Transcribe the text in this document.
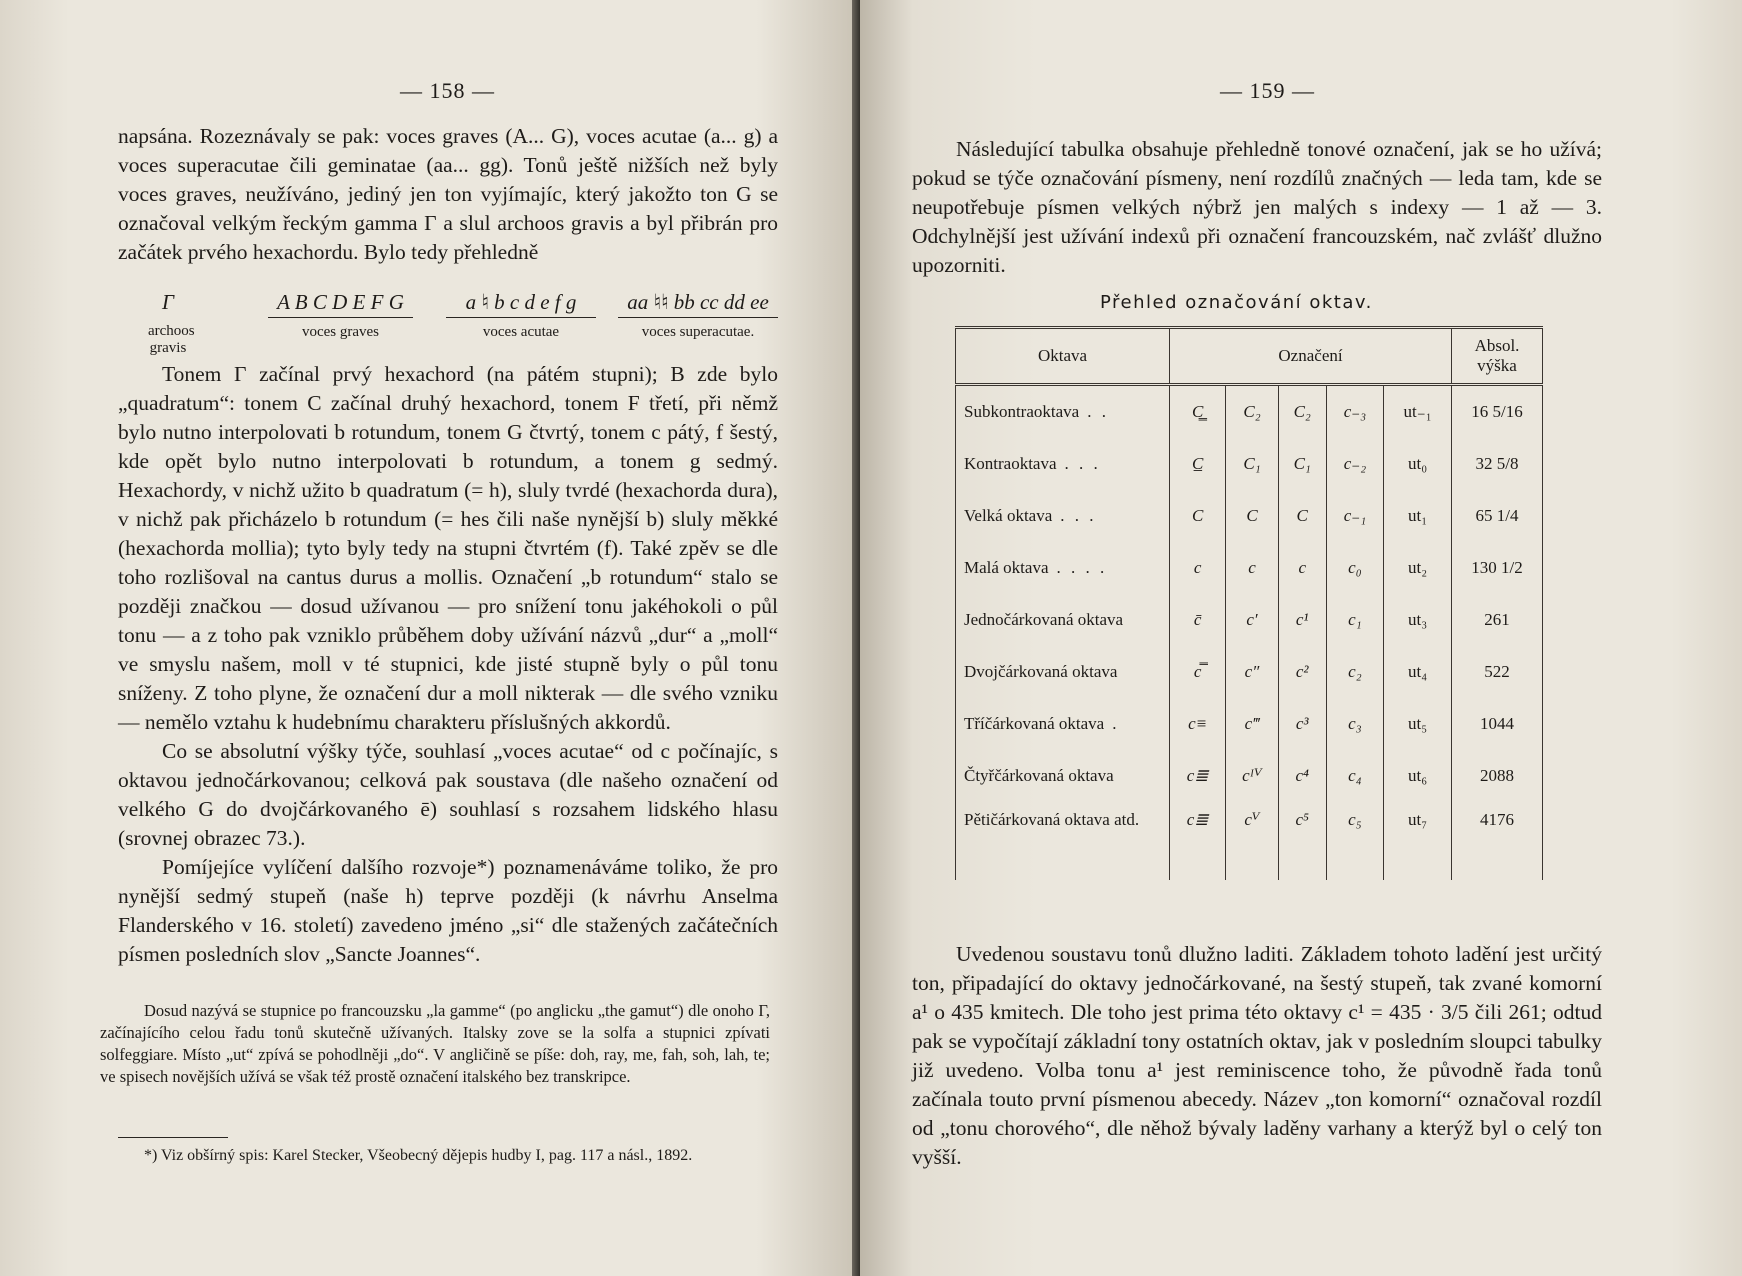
— 158 —

napsána. Rozeznávaly se pak: voces graves (A... G), voces acutae (a... g) a voces superacutae čili geminatae (aa... gg). Tonů ještě nižších než byly voces graves, neužíváno, jediný jen ton vyjímajíc, který jakožto ton G se označoval velkým řeckým gamma Γ a slul archoos gravis a byl přibrán pro začátek prvého hexachordu. Bylo tedy přehledně

Γ
archoos gravis
A B C D E F G
voces graves
a ♮ b c d e f g
voces acutae
aa ♮♮ bb cc dd ee
voces superacutae.

Tonem Γ začínal prvý hexachord (na pátém stupni); B zde bylo „quadratum“: tonem C začínal druhý hexachord, tonem F třetí, při němž bylo nutno interpolovati b rotundum, tonem G čtvrtý, tonem c pátý, f šestý, kde opět bylo nutno interpolovati b rotundum, a tonem g sedmý. Hexachordy, v nichž užito b quadratum (= h), sluly tvrdé (hexachorda dura), v nichž pak přicházelo b rotundum (= hes čili naše nynější b) sluly měkké (hexachorda mollia); tyto byly tedy na stupni čtvrtém (f). Také zpěv se dle toho rozlišoval na cantus durus a mollis. Označení „b rotundum“ stalo se později značkou — dosud užívanou — pro snížení tonu jakéhokoli o půl tonu — a z toho pak vzniklo průběhem doby užívání názvů „dur“ a „moll“ ve smyslu našem, moll v té stupnici, kde jisté stupně byly o půl tonu sníženy. Z toho plyne, že označení dur a moll nikterak — dle svého vzniku — nemělo vztahu k hudebnímu charakteru příslušných akkordů.

Co se absolutní výšky týče, souhlasí „voces acutae“ od c počínajíc, s oktavou jednočárkovanou; celková pak soustava (dle našeho označení od velkého G do dvojčárkovaného ē) souhlasí s rozsahem lidského hlasu (srovnej obrazec 73.).

Pomíjejíce vylíčení dalšího rozvoje*) poznamenáváme toliko, že pro nynější sedmý stupeň (naše h) teprve později (k návrhu Anselma Flanderského v 16. století) zavedeno jméno „si“ dle stažených začátečních písmen posledních slov „Sancte Joannes“.

Dosud nazývá se stupnice po francouzsku „la gamme“ (po anglicku „the gamut“) dle onoho Γ, začínajícího celou řadu tonů skutečně užívaných. Italsky zove se la solfa a stupnici zpívati solfeggiare. Místo „ut“ zpívá se pohodlněji „do“. V angličině se píše: doh, ray, me, fah, soh, lah, te; ve spisech novějších užívá se však též prostě označení italského bez transkripce.

*) Viz obšírný spis: Karel Stecker, Všeobecný dějepis hudby I, pag. 117 a násl., 1892.

— 159 —

Následující tabulka obsahuje přehledně tonové označení, jak se ho užívá; pokud se týče označování písmeny, není rozdílů značných — leda tam, kde se neupotřebuje písmen velkých nýbrž jen malých s indexy — 1 až — 3. Odchylnější jest užívání indexů při označení francouzském, nač zvlášť dlužno upozorniti.

Přehled označování oktav.
Oktava	Označení					Absol. výška
Subkontraoktava . .	C̳	C₂	C₂	c₋₃	ut₋₁	16 5/16
Kontraoktava . . .	C̲	C₁	C₁	c₋₂	ut₀	32 5/8
Velká oktava . . .	C	C	C	c₋₁	ut₁	65 1/4
Malá oktava . . . .	c	c	c	c₀	ut₂	130 1/2
Jednočárkovaná oktava	c̄	c′	c¹	c₁	ut₃	261
Dvojčárkovaná oktava	c̿	c″	c²	c₂	ut₄	522
Tříčárkovaná oktava .	c≡	c‴	c³	c₃	ut₅	1044
Čtyřčárkovaná oktava	c≣	cᴵⱽ	c⁴	c₄	ut₆	2088
Pětičárkovaná oktava atd.	c≣	cⱽ	c⁵	c₅	ut₇	4176

Uvedenou soustavu tonů dlužno laditi. Základem tohoto ladění jest určitý ton, připadající do oktavy jednočárkované, na šestý stupeň, tak zvané komorní a¹ o 435 kmitech. Dle toho jest prima této oktavy c¹ = 435 · 3/5 čili 261; odtud pak se vypočítají základní tony ostatních oktav, jak v posledním sloupci tabulky již uvedeno. Volba tonu a¹ jest reminiscence toho, že původně řada tonů začínala touto první písmenou abecedy. Název „ton komorní“ označoval rozdíl od „tonu chorového“, dle něhož bývaly laděny varhany a kterýž byl o celý ton vyšší.
